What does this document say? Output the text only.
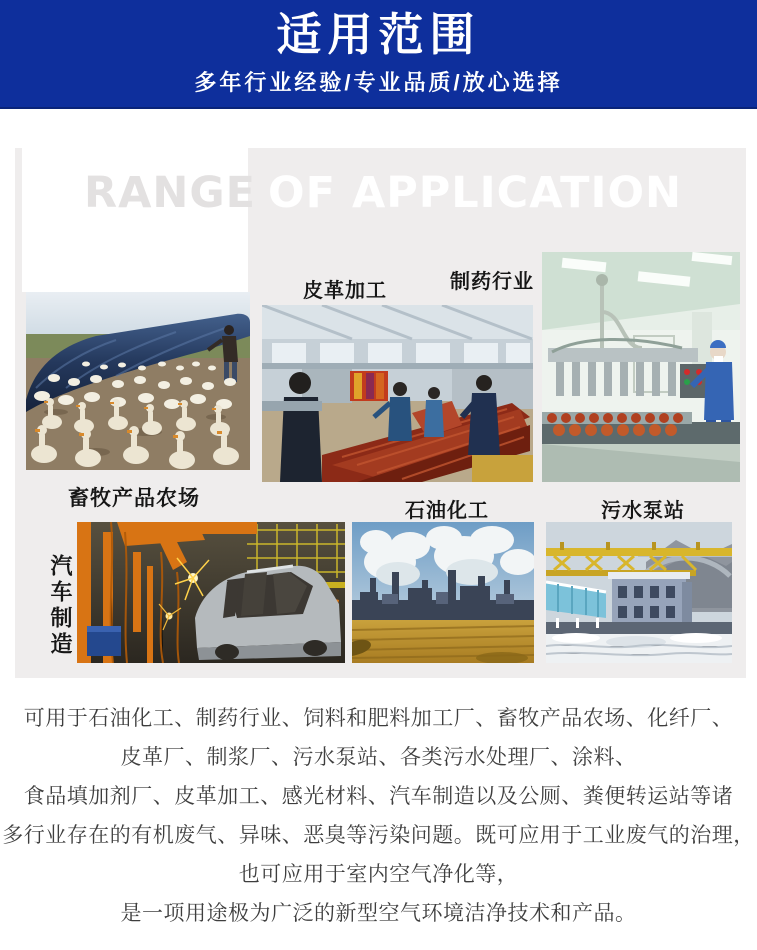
适用范围
多年行业经验/专业品质/放心选择
RANGE OF APPLICATION
畜牧产品农场
皮革加工	制药行业
石油化工	污水泵站
汽车制造
可用于石油化工、制药行业、饲料和肥料加工厂、畜牧产品农场、化纤厂、
皮革厂、制浆厂、污水泵站、各类污水处理厂、涂料、
食品填加剂厂、皮革加工、感光材料、汽车制造以及公厕、粪便转运站等诸
多行业存在的有机废气、异味、恶臭等污染问题。既可应用于工业废气的治理，
也可应用于室内空气净化等，
是一项用途极为广泛的新型空气环境洁净技术和产品。
